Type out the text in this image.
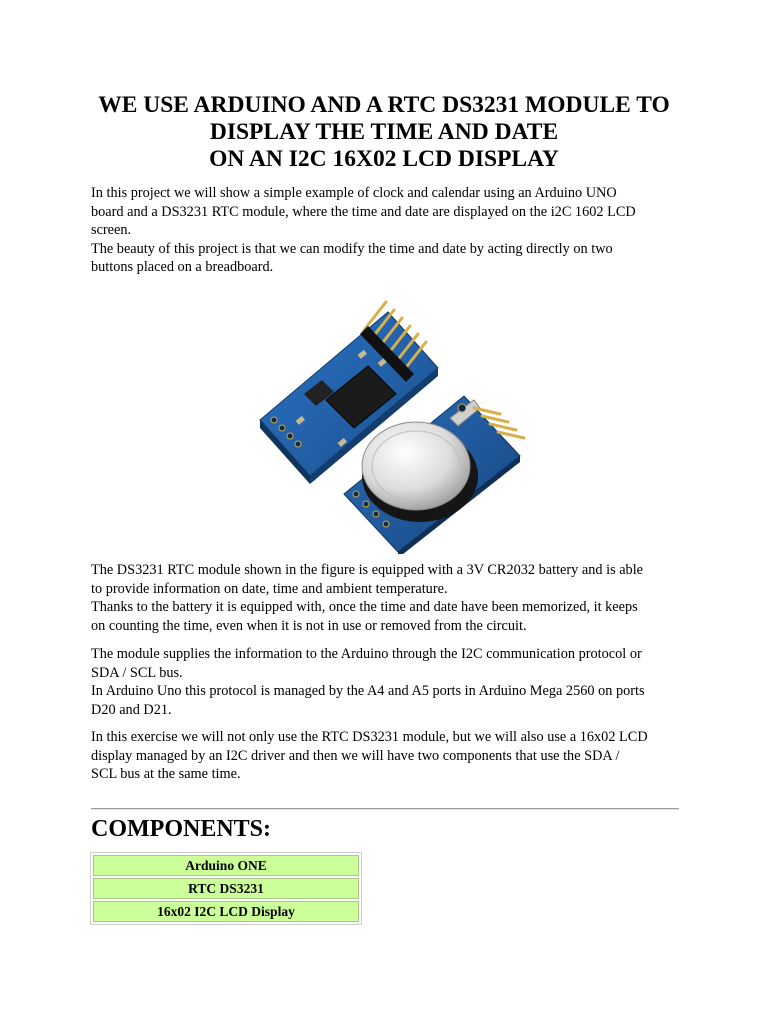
WE USE ARDUINO AND A RTC DS3231 MODULE TO
DISPLAY THE TIME AND DATE
ON AN I2C 16X02 LCD DISPLAY

In this project we will show a simple example of clock and calendar using an Arduino UNO
board and a DS3231 RTC module, where the time and date are displayed on the i2C 1602 LCD
screen.
The beauty of this project is that we can modify the time and date by acting directly on two
buttons placed on a breadboard.

The DS3231 RTC module shown in the figure is equipped with a 3V CR2032 battery and is able
to provide information on date, time and ambient temperature.
Thanks to the battery it is equipped with, once the time and date have been memorized, it keeps
on counting the time, even when it is not in use or removed from the circuit.

The module supplies the information to the Arduino through the I2C communication protocol or
SDA / SCL bus.
In Arduino Uno this protocol is managed by the A4 and A5 ports in Arduino Mega 2560 on ports
D20 and D21.

In this exercise we will not only use the RTC DS3231 module, but we will also use a 16x02 LCD
display managed by an I2C driver and then we will have two components that use the SDA /
SCL bus at the same time.

COMPONENTS:
Arduino ONE
RTC DS3231
16x02 I2C LCD Display
